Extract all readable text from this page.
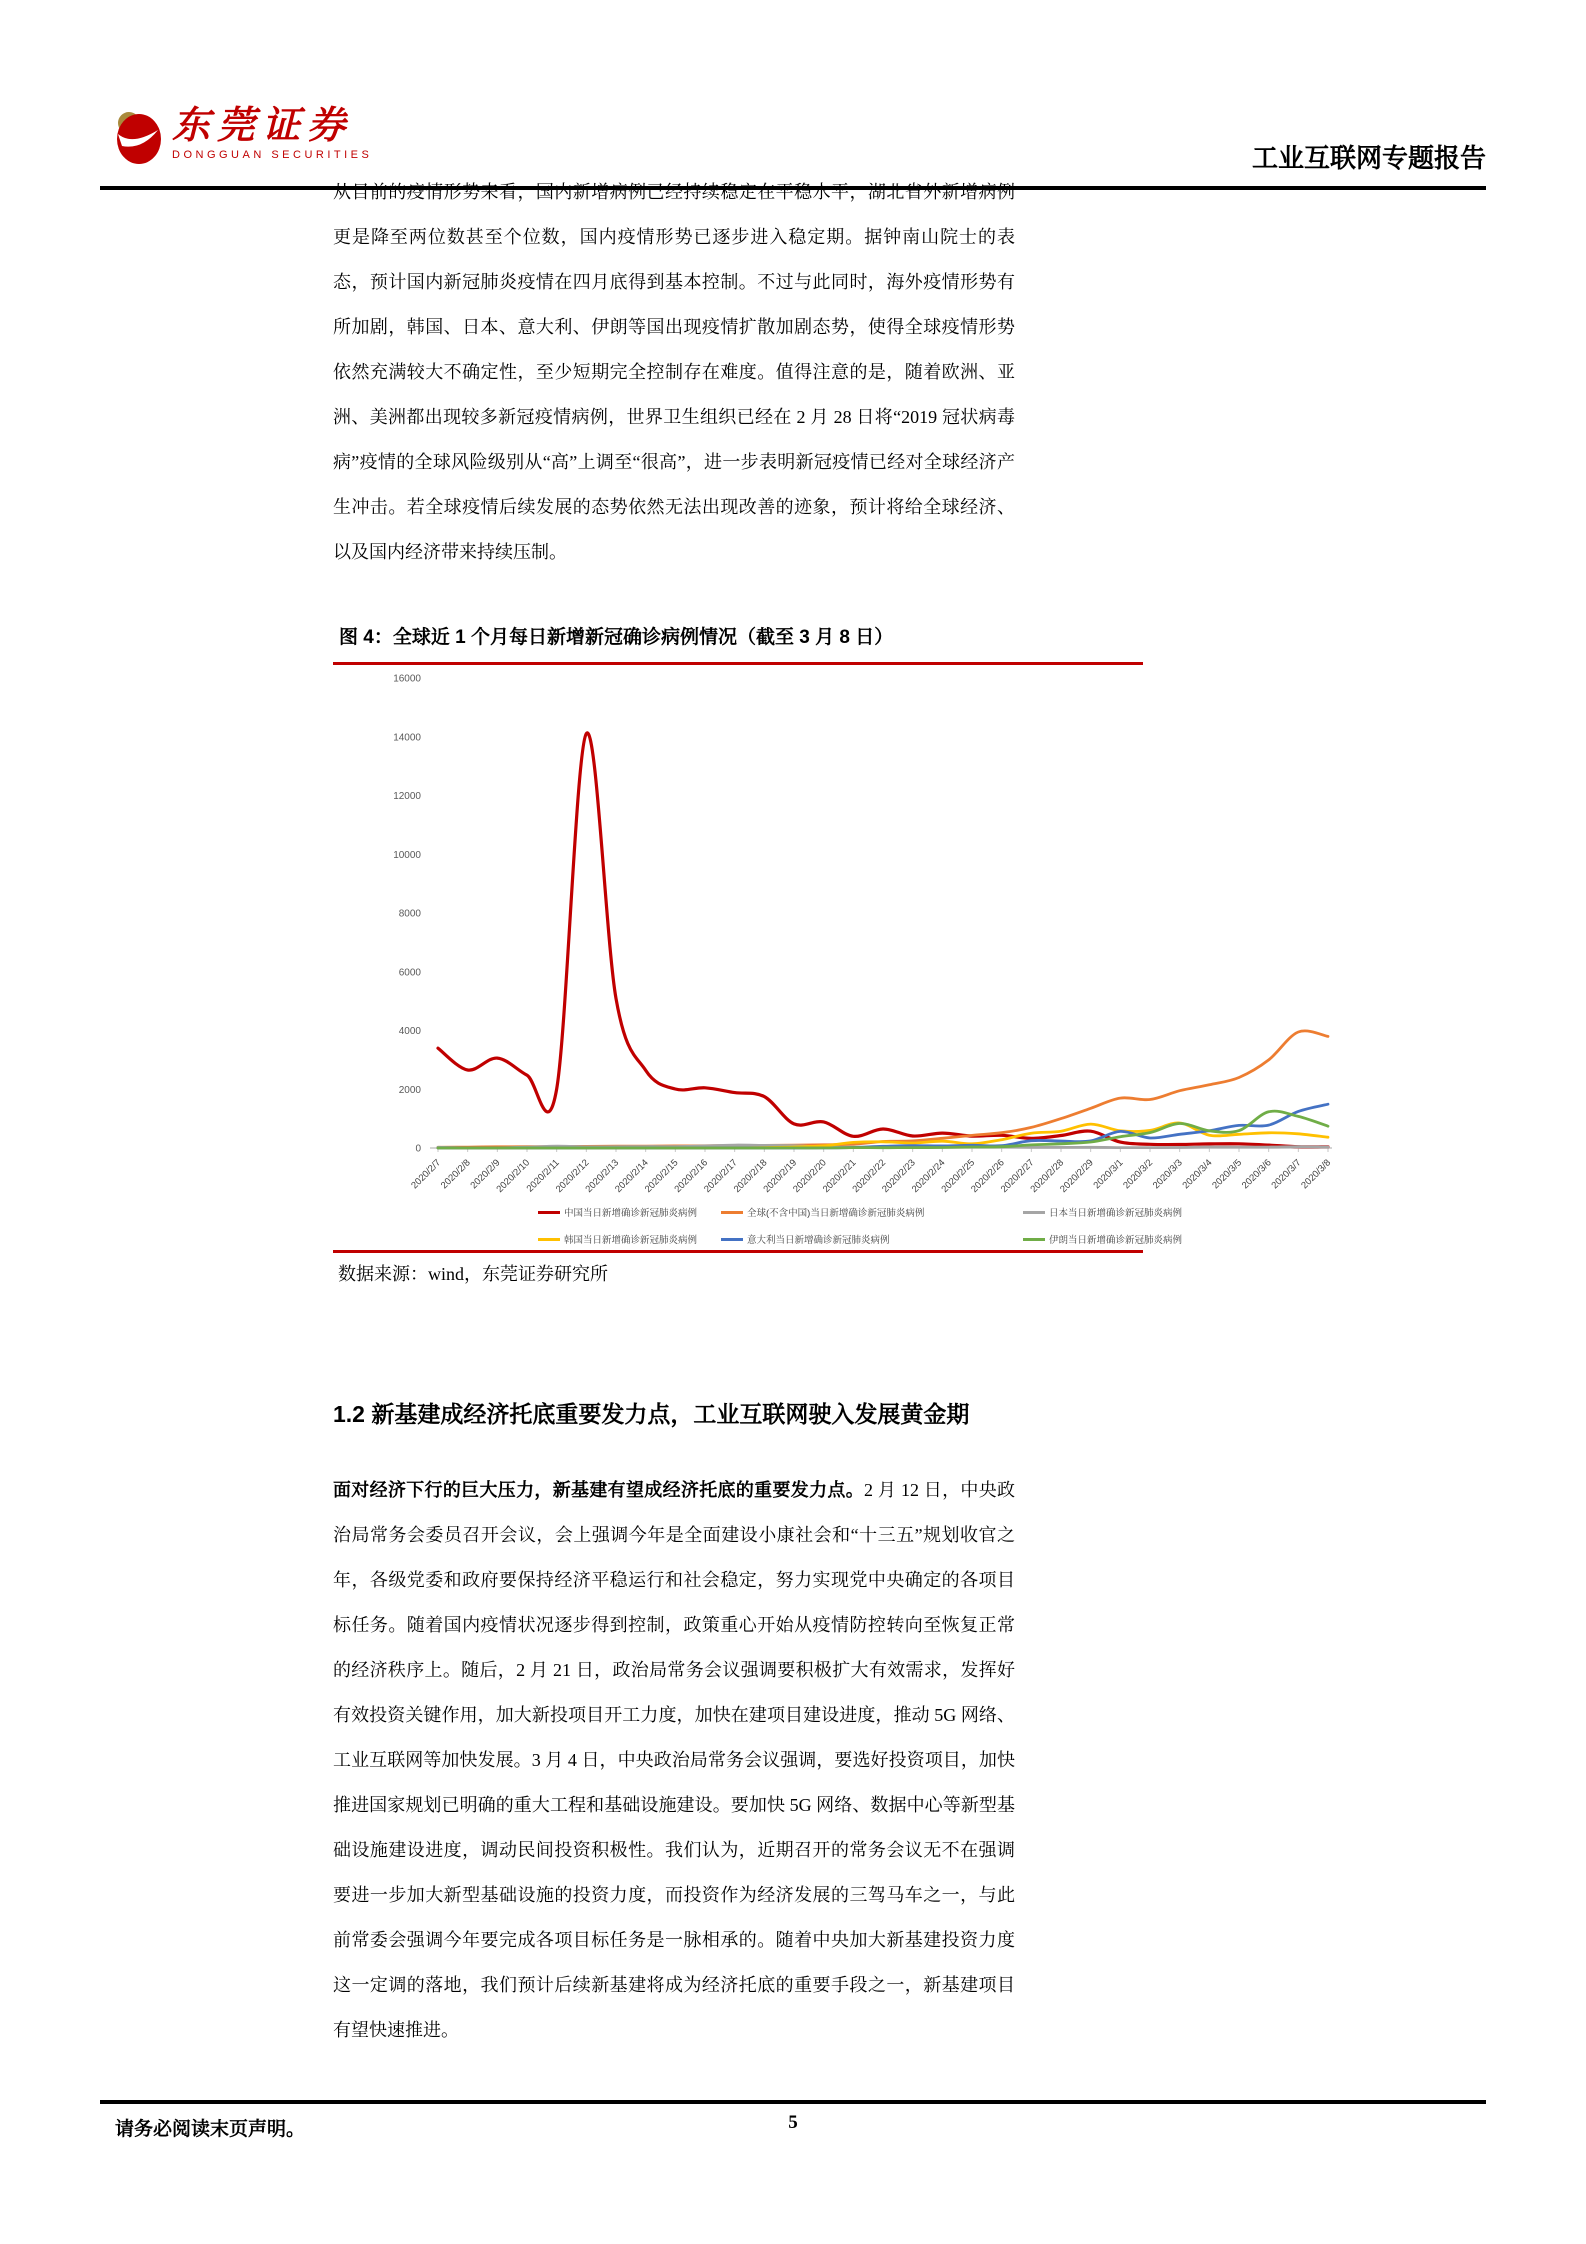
东莞证券
DONGGUAN SECURITIES	工业互联网专题报告
从目前的疫情形势来看，国内新增病例已经持续稳定在平稳水平，湖北省外新增病例更是降至两位数甚至个位数，国内疫情形势已逐步进入稳定期。据钟南山院士的表态，预计国内新冠肺炎疫情在四月底得到基本控制。不过与此同时，海外疫情形势有所加剧，韩国、日本、意大利、伊朗等国出现疫情扩散加剧态势，使得全球疫情形势依然充满较大不确定性，至少短期完全控制存在难度。值得注意的是，随着欧洲、亚洲、美洲都出现较多新冠疫情病例，世界卫生组织已经在 2 月 28 日将“2019 冠状病毒病”疫情的全球风险级别从“高”上调至“很高”，进一步表明新冠疫情已经对全球经济产生冲击。若全球疫情后续发展的态势依然无法出现改善的迹象，预计将给全球经济、以及国内经济带来持续压制。
图 4：全球近 1 个月每日新增新冠确诊病例情况（截至 3 月 8 日）
0
2000
4000
6000
8000
10000
12000
14000
16000
2020/2/7
2020/2/8
2020/2/9
2020/2/10
2020/2/11
2020/2/12
2020/2/13
2020/2/14
2020/2/15
2020/2/16
2020/2/17
2020/2/18
2020/2/19
2020/2/20
2020/2/21
2020/2/22
2020/2/23
2020/2/24
2020/2/25
2020/2/26
2020/2/27
2020/2/28
2020/2/29
2020/3/1
2020/3/2
2020/3/3
2020/3/4
2020/3/5
2020/3/6
2020/3/7
2020/3/8
中国当日新增确诊新冠肺炎病例	全球(不含中国)当日新增确诊新冠肺炎病例	日本当日新增确诊新冠肺炎病例
韩国当日新增确诊新冠肺炎病例	意大利当日新增确诊新冠肺炎病例	伊朗当日新增确诊新冠肺炎病例
数据来源：wind，东莞证券研究所
1.2 新基建成经济托底重要发力点，工业互联网驶入发展黄金期
面对经济下行的巨大压力，新基建有望成经济托底的重要发力点。2 月 12 日，中央政治局常务会委员召开会议，会上强调今年是全面建设小康社会和“十三五”规划收官之年，各级党委和政府要保持经济平稳运行和社会稳定，努力实现党中央确定的各项目标任务。随着国内疫情状况逐步得到控制，政策重心开始从疫情防控转向至恢复正常的经济秩序上。随后，2 月 21 日，政治局常务会议强调要积极扩大有效需求，发挥好有效投资关键作用，加大新投项目开工力度，加快在建项目建设进度，推动 5G 网络、工业互联网等加快发展。3 月 4 日，中央政治局常务会议强调，要选好投资项目，加快推进国家规划已明确的重大工程和基础设施建设。要加快 5G 网络、数据中心等新型基础设施建设进度，调动民间投资积极性。我们认为，近期召开的常务会议无不在强调要进一步加大新型基础设施的投资力度，而投资作为经济发展的三驾马车之一，与此前常委会强调今年要完成各项目标任务是一脉相承的。随着中央加大新基建投资力度这一定调的落地，我们预计后续新基建将成为经济托底的重要手段之一，新基建项目有望快速推进。
请务必阅读末页声明。	5
